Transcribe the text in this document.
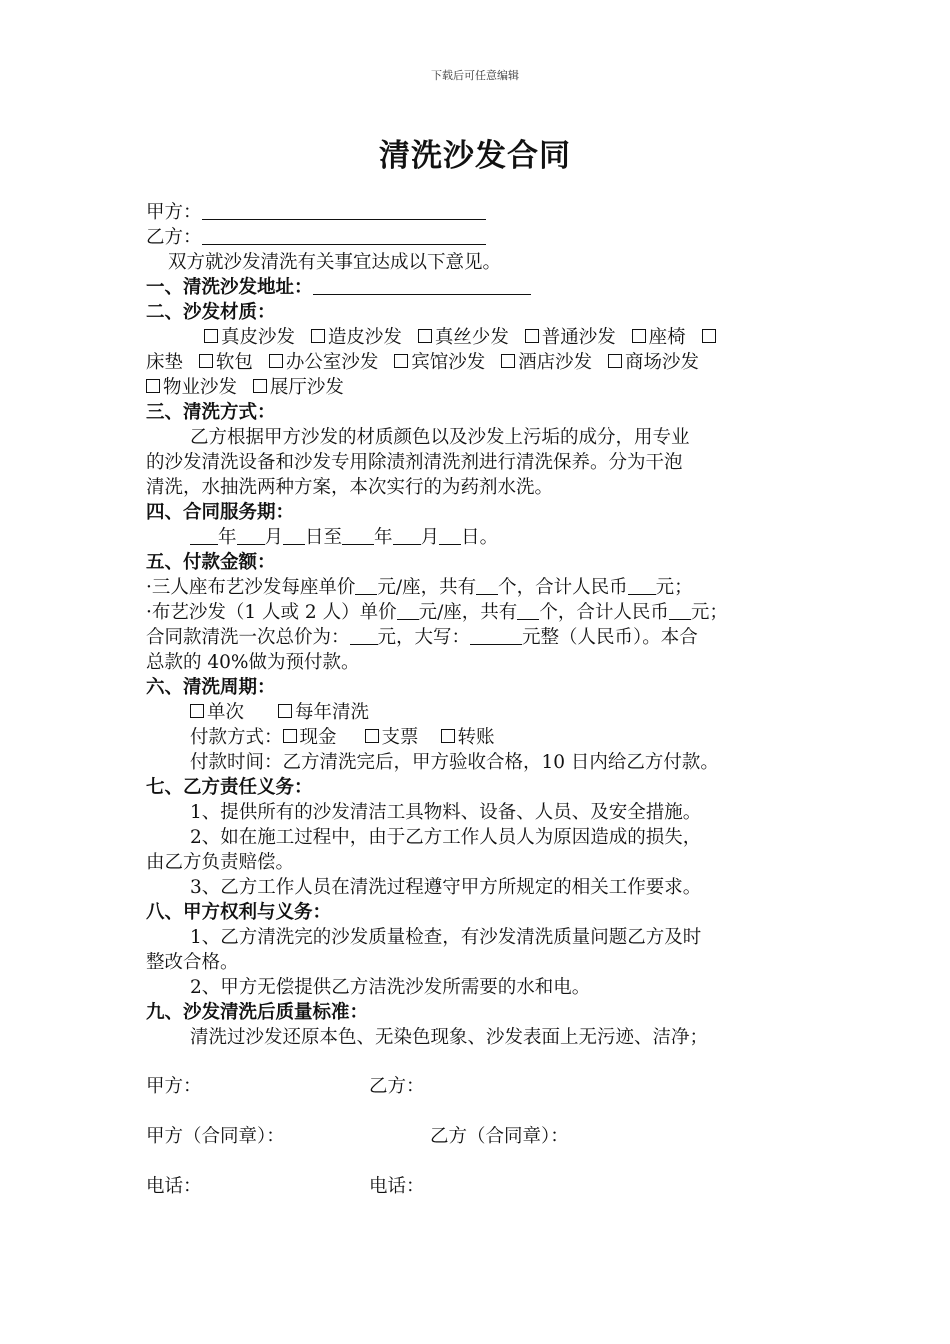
下载后可任意编辑
清洗沙发合同
甲方：
乙方：
双方就沙发清洗有关事宜达成以下意见。
一、清洗沙发地址：
二、沙发材质：
真皮沙发 造皮沙发 真丝少发 普通沙发 座椅
床垫 软包 办公室沙发 宾馆沙发 酒店沙发 商场沙发
物业沙发 展厅沙发
三、清洗方式：
乙方根据甲方沙发的材质颜色以及沙发上污垢的成分，用专业
的沙发清洗设备和沙发专用除渍剂清洗剂进行清洗保养。分为干泡
清洗，水抽洗两种方案，本次实行的为药剂水洗。
四、合同服务期：
年 月 日至 年 月 日。
五、付款金额：
·三人座布艺沙发每座单价 元/座，共有 个，合计人民币 元；
·布艺沙发（1 人或 2 人）单价 元/座，共有 个，合计人民币 元；
合同款清洗一次总价为： 元，大写：	元整（人民币）。本合
总款的 40%做为预付款。
六、清洗周期：
单次	每年清洗
付款方式： 现金 支票 转账
付款时间：乙方清洗完后，甲方验收合格，10 日内给乙方付款。
七、乙方责任义务：
1、提供所有的沙发清洁工具物料、设备、人员、及安全措施。
2、如在施工过程中，由于乙方工作人员人为原因造成的损失，
由乙方负责赔偿。
3、乙方工作人员在清洗过程遵守甲方所规定的相关工作要求。
八、甲方权利与义务：
1、乙方清洗完的沙发质量检查，有沙发清洗质量问题乙方及时
整改合格。
2、甲方无偿提供乙方洁洗沙发所需要的水和电。
九、沙发清洗后质量标准：
清洗过沙发还原本色、无染色现象、沙发表面上无污迹、洁净；
甲方：	乙方：
甲方（合同章）：	乙方（合同章）：
电话：	电话：
